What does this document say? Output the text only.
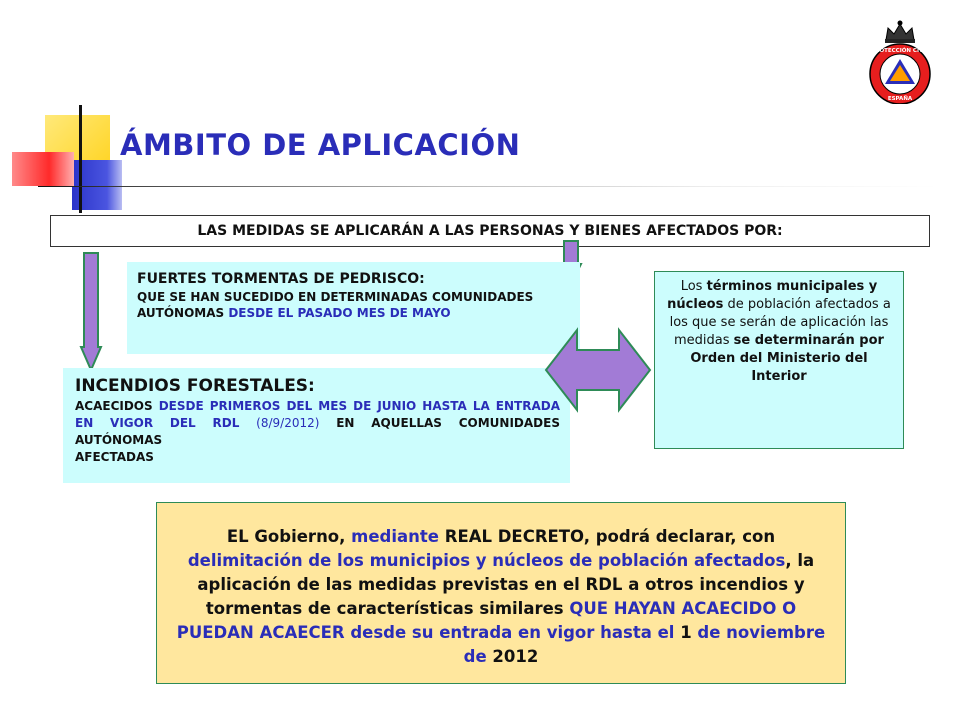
ÁMBITO DE APLICACIÓN
PROTECCIÓN CIVIL
ESPAÑA
LAS MEDIDAS SE APLICARÁN A LAS PERSONAS Y BIENES AFECTADOS POR:
FUERTES TORMENTAS DE PEDRISCO:
QUE SE HAN SUCEDIDO EN DETERMINADAS COMUNIDADES AUTÓNOMAS DESDE EL PASADO MES DE MAYO
INCENDIOS FORESTALES:
ACAECIDOS DESDE PRIMEROS DEL MES DE JUNIO HASTA LA ENTRADA EN VIGOR DEL RDL (8/9/2012) EN AQUELLAS COMUNIDADES AUTÓNOMAS
AFECTADAS
Los términos municipales y núcleos de población afectados a los que se serán de aplicación las medidas se determinarán por Orden del Ministerio del Interior
EL Gobierno, mediante REAL DECRETO, podrá declarar, con delimitación de los municipios y núcleos de población afectados, la aplicación de las medidas previstas en el RDL a otros incendios y tormentas de características similares QUE HAYAN ACAECIDO O PUEDAN ACAECER desde su entrada en vigor hasta el 1 de noviembre de 2012
